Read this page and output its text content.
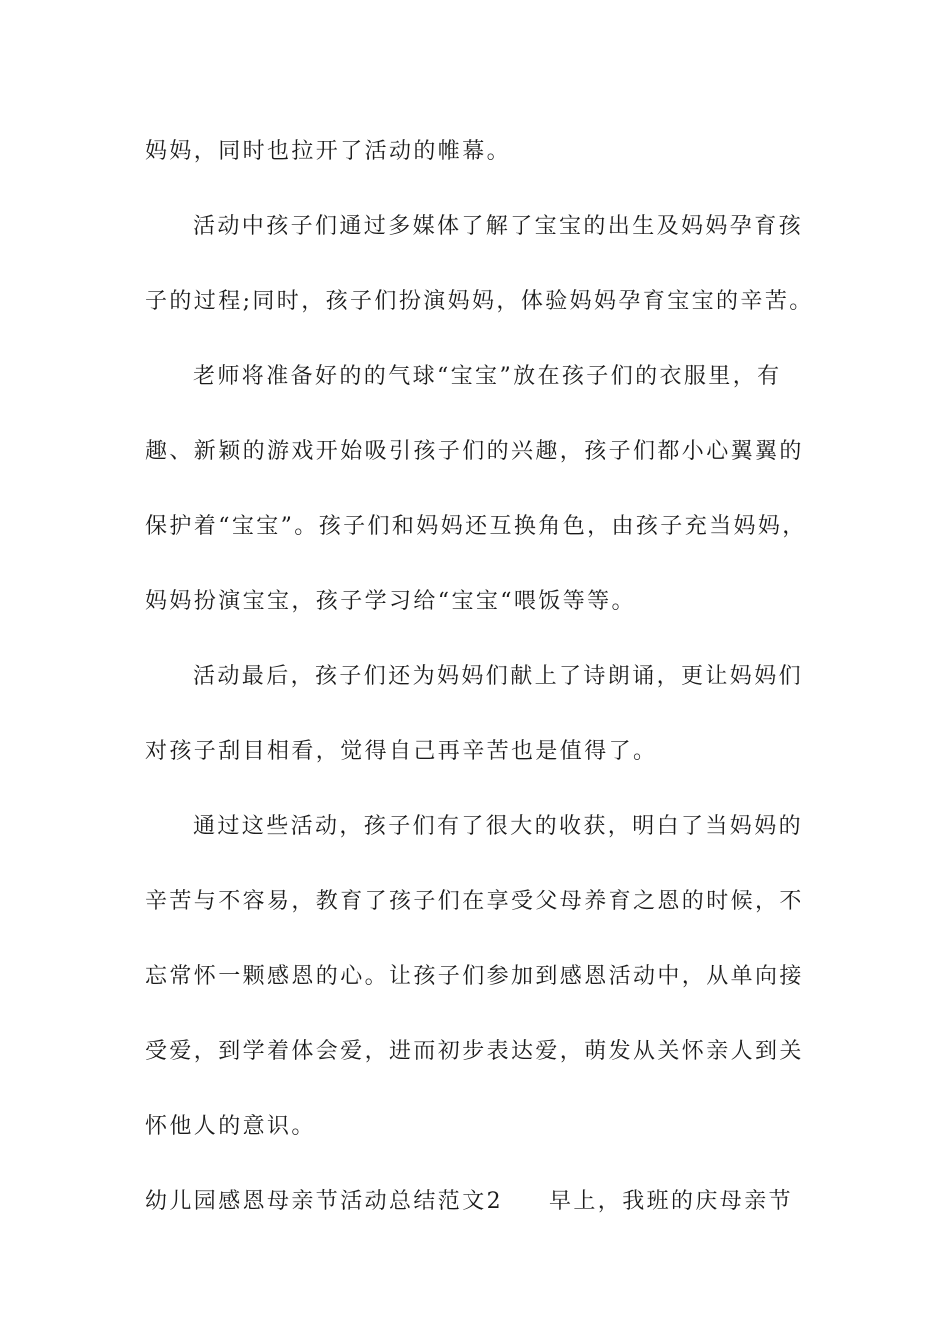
妈妈，同时也拉开了活动的帷幕。
活动中孩子们通过多媒体了解了宝宝的出生及妈妈孕育孩
子的过程;同时，孩子们扮演妈妈，体验妈妈孕育宝宝的辛苦。
老师将准备好的的气球“宝宝”放在孩子们的衣服里，有
趣、新颖的游戏开始吸引孩子们的兴趣，孩子们都小心翼翼的
保护着“宝宝”。孩子们和妈妈还互换角色，由孩子充当妈妈，
妈妈扮演宝宝，孩子学习给“宝宝“喂饭等等。
活动最后，孩子们还为妈妈们献上了诗朗诵，更让妈妈们
对孩子刮目相看，觉得自己再辛苦也是值得了。
通过这些活动，孩子们有了很大的收获，明白了当妈妈的
辛苦与不容易，教育了孩子们在享受父母养育之恩的时候，不
忘常怀一颗感恩的心。让孩子们参加到感恩活动中，从单向接
受爱，到学着体会爱，进而初步表达爱，萌发从关怀亲人到关
怀他人的意识。
幼儿园感恩母亲节活动总结范文2 早上，我班的庆母亲节
